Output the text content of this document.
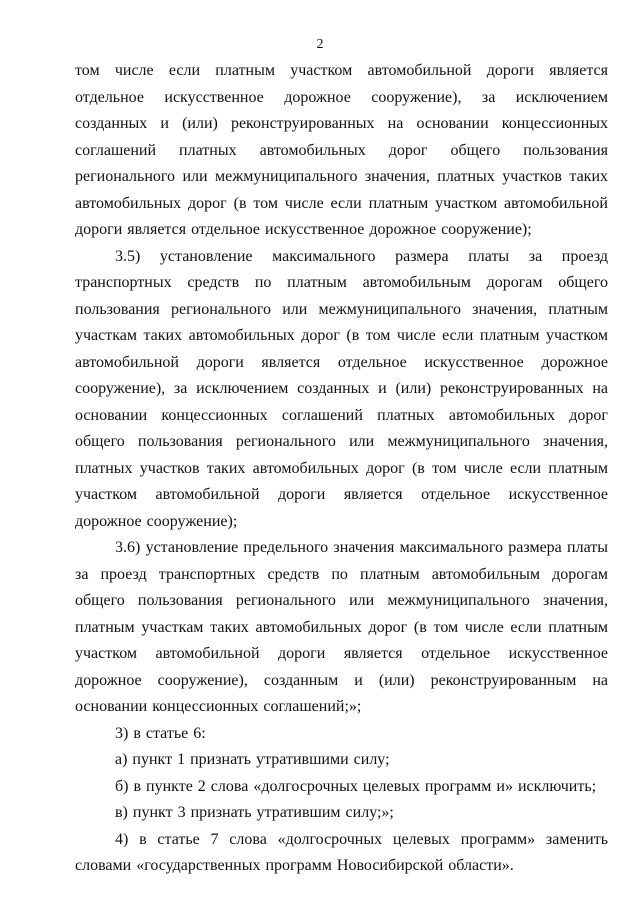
2

том числе если платным участком автомобильной дороги является отдельное искусственное дорожное сооружение), за исключением созданных и (или) реконструированных на основании концессионных соглашений платных автомобильных дорог общего пользования регионального или межмуниципального значения, платных участков таких автомобильных дорог (в том числе если платным участком автомобильной дороги является отдельное искусственное дорожное сооружение);

3.5) установление максимального размера платы за проезд транспортных средств по платным автомобильным дорогам общего пользования регионального или межмуниципального значения, платным участкам таких автомобильных дорог (в том числе если платным участком автомобильной дороги является отдельное искусственное дорожное сооружение), за исключением созданных и (или) реконструированных на основании концессионных соглашений платных автомобильных дорог общего пользования регионального или межмуниципального значения, платных участков таких автомобильных дорог (в том числе если платным участком автомобильной дороги является отдельное искусственное дорожное сооружение);

3.6) установление предельного значения максимального размера платы за проезд транспортных средств по платным автомобильным дорогам общего пользования регионального или межмуниципального значения, платным участкам таких автомобильных дорог (в том числе если платным участком автомобильной дороги является отдельное искусственное дорожное сооружение), созданным и (или) реконструированным на основании концессионных соглашений;»;

3) в статье 6:

а) пункт 1 признать утратившими силу;

б) в пункте 2 слова «долгосрочных целевых программ и» исключить;

в) пункт 3 признать утратившим силу;»;

4) в статье 7 слова «долгосрочных целевых программ» заменить словами «государственных программ Новосибирской области».
